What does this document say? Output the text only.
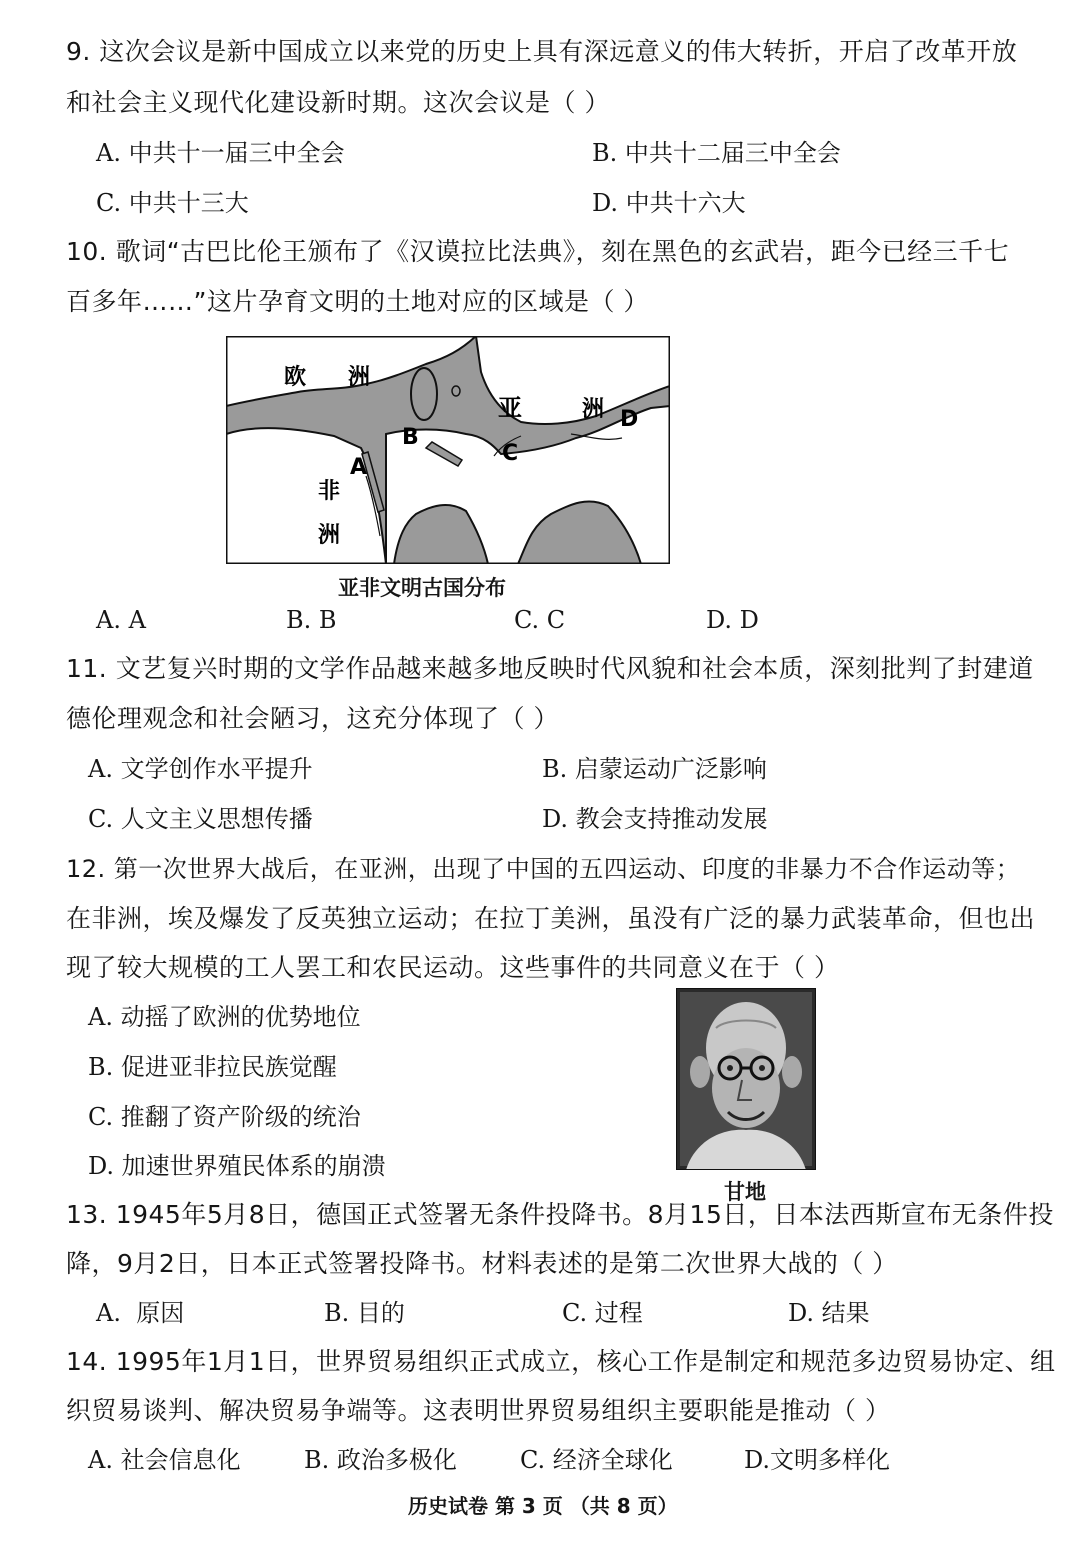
9. 这次会议是新中国成立以来党的历史上具有深远意义的伟大转折，开启了改革开放
和社会主义现代化建设新时期。这次会议是（ ）
A. 中共十一届三中全会	B. 中共十二届三中全会
C. 中共十三大	D. 中共十六大
10. 歌词“古巴比伦王颁布了《汉谟拉比法典》，刻在黑色的玄武岩，距今已经三千七
百多年……”这片孕育文明的土地对应的区域是（ ）
欧 洲
亚	洲
非
洲
A
B
C
D
亚非文明古国分布
A. A	B. B	C. C	D. D
11. 文艺复兴时期的文学作品越来越多地反映时代风貌和社会本质，深刻批判了封建道
德伦理观念和社会陋习，这充分体现了（ ）
A. 文学创作水平提升	B. 启蒙运动广泛影响
C. 人文主义思想传播	D. 教会支持推动发展
12. 第一次世界大战后，在亚洲，出现了中国的五四运动、印度的非暴力不合作运动等；
在非洲，埃及爆发了反英独立运动；在拉丁美洲，虽没有广泛的暴力武装革命，但也出
现了较大规模的工人罢工和农民运动。这些事件的共同意义在于（ ）
A. 动摇了欧洲的优势地位
B. 促进亚非拉民族觉醒
C. 推翻了资产阶级的统治
D. 加速世界殖民体系的崩溃
甘地
13. 1945年5月8日，德国正式签署无条件投降书。8月15日，日本法西斯宣布无条件投
降，9月2日，日本正式签署投降书。材料表述的是第二次世界大战的（ ）
A. 原因	B. 目的	C. 过程	D. 结果
14. 1995年1月1日，世界贸易组织正式成立，核心工作是制定和规范多边贸易协定、组
织贸易谈判、解决贸易争端等。这表明世界贸易组织主要职能是推动（ ）
A. 社会信息化	B. 政治多极化	C. 经济全球化	D.文明多样化
历史试卷 第 3 页 （共 8 页）
